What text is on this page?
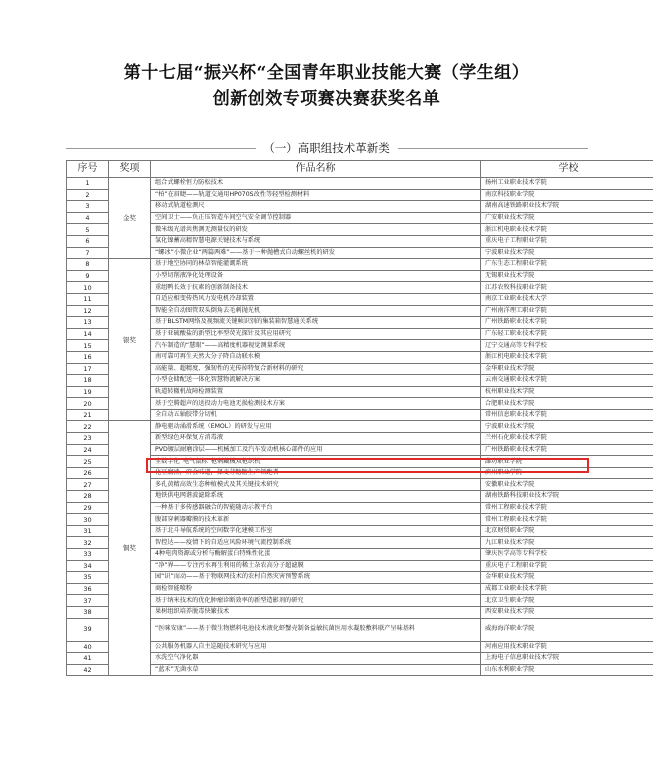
第十七届“振兴杯“全国青年职业技能大赛（学生组）
创新创效专项赛决赛获奖名单
（一）高职组技术革新类
序号	奖项	作品名称	学校
1	金奖	组合式螺栓恒力防松技术	扬州工业职业技术学院
2		“柏”在眉睫——轨道交通用HP070S改性等轻型检测材料	南京科技职业学院
3		移动式轨道检测尺	湖南高速铁路职业技术学院
4		空间卫士——负正压智造车间空气安全调节控制器	广安职业技术学院
5		微米级光谱共焦测无测量仪的研发	浙江机电职业技术学院
6		氢化镍蓄高精智慧电源关键技术与系统	重庆电子工程职业学院
7		“螺冰”小微企业“两篇两难”——基于一种抛槽式自动螺丝机的研发	宁波职业技术学院
8	银奖	基于地空协同的林草智能灌溉系统	广东生态工程职业学院
9		小型切削液净化处理设备	无锡职业技术学院
10		重组鸭长效于抗素的创新制备技术	江苏农牧科技职业学院
11		自适应相变传热风力发电机冷却装置	南京工业职业技术大学
12		智能全自动图管双头倒角去毛刺抛光机	广州南洋理工职业学院
13		基于BLSTM网络及视频流关键帧识别的集装箱智慧通关系统	广州铁路职业技术学院
14		基于亚硫酸盐的新型比率型荧光探针及其应用研究	广东轻工职业技术学院
15		汽车制造的“慧眼”——高精度机器视觉测量系统	辽宁交通高等专科学校
16		南可靠可再生天然大分子降自动联水模	浙江机电职业技术学院
17		高能量、超精度、强韧性的光传掉特复合新材料的研究	金华职业技术学院
18		小型仓储配送一体化智慧物流解决方案	云南交通职业技术学院
19		轨道转辙机故障检测装置	杭州职业技术学院
20		基于空腾超声的送投动力电池无损检测技术方案	合肥职业技术学院
21		全自动五轴胶带分切机	常州信息职业技术学院
22	铜奖	静电驱动涌滑系统（EMOL）的研发与应用	宁波职业技术学院
23		新型绿色环保复方消毒液	兰州石化职业技术学院
24		PVD镀层耐磨涂层——机械加工及汽车发动机核心部件的应用	广州铁路职业技术学院
25		全数字化“电气鼠标”枪刺藏械双枪织机	潍坊职业学院
26		化豆腐渣，府会味道，择麦芽糖糖生产领跑者	滨州职业学院
27		多孔黄精高效生态种植模式及其关键技术研究	安徽职业技术学院
28		地铁供电网谐波滤除系统	湖南铁路科技职业技术学院
29		一种基于多传感器融合的智能随动示教平台	常州工程职业技术学院
30		腹部穿刺器瓣膜的技术革新	常州工程职业技术学院
31		基于北斗导航系统的空间数字化建模工作室	北京财贸职业学院
32		智控达——疫情下的自适应风险环境气流控制系统	九江职业技术学院
33		4种电肉资源或分析与酶解蛋白特殊性化蛋	肇庆医学高等专科学校
34		“净”界——专注污水再生利用的稀土杂农高分子超滤膜	重庆电子工程职业学院
35		园“识”而动——基于物联网技术的农村自然灾害预警系统	金华职业技术学院
36		商检智能喷粉	成都工业职业技术学院
37		基于纳米技术的优化肿瘤诊断效率的新型造影剂的研究	北京卫生职业学院
38		果树组织培养脱毒快繁技术	西安职业技术学院
39		“医咪安康”——基于微生物燃料电池技术液化虾蟹壳制备益敏抗菌医用水凝胶敷料联产呈味基料	威海海洋职业学院
40		公共服务机器人自主巡随技术研究与应用	河南应用技术职业学院
41		水洗空气净化器	上海电子信息职业技术学院
42		“蓝禾”无菌水草	山东水利职业学院
